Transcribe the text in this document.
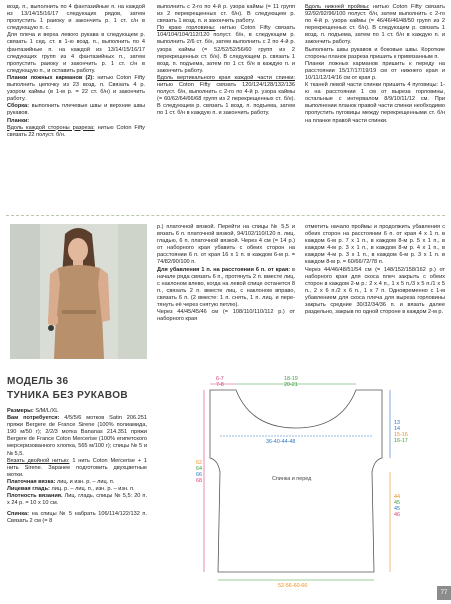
возд. п., выполнить по 4 фантазийные п. на каждой из 13/14/15/16/17 следующих рядов, затем пропустить 1 раиоку и закончить р. 1 ст. с/н в следующую п. с.

Для плеча и верха левого рукава в следующем р. связать 1 сед. ст. в 1-ю возд. п., выполнить по 4 фантазийные п. на каждой из 13/14/15/16/17 следующих групп из 4 фантазийных п., затем пропустить раиоку и закончить р. 1 ст. с/н в следующую п., и оставить работу.

Планки ложных карманов (2): нитью Coton Fifty выполнить цепочку из 23 возд. п. Связать 4 р. узором каймы (в 1-м р. = 22 ст. б/н) и закончить работу.

Сборка: выполнить плечевые швы и верхние швы рукавов.

Планки:

Вдоль каждой стороны разреза: нитью Coton Fifty связать 22 полуст. б/н.

выполнить с 2-го по 4-й р. узора каймы (= 11 групп из 2 перекрещенных ст. б/н). В следующем р. связать 1 возд. п. и закончить работу.

По краю горловины: нитью Coton Fifty связать 104/104/104/112/120 полуст. б/н, в следующем р. выполнить 2/6 ст. б/н, затем выполнить с 2 по 4-й р. узора каймы (= 52/52/52/56/60 групп из 2 перекрещенных ст. б/н). В следующем р. связать 1 возд. п. подъема, затем по 1 ст. б/н в каждую п. и закончить работу.

Вдоль вертикального края каждой части спинки: нитью Coton Fifty связать 120/124/128/132/136 полуст. б/н, выполнить с 2-го по 4-й р. узора каймы (= 60/62/64/66/68 групп из 2 перекрещенных ст. б/н). В следующем р. связать 1 возд. п. подъема, затем по 1 ст. б/н в каждую п. и закончить работу.

Вдоль нижней проймы: нитью Coton Fifty связать 92/92/92/96/100 полуст. б/н, затем выполнить с 2-го по 4-й р. узора каймы (= 46/46/46/48/50 групп из 2 перекрещенных ст. б/н). В следующем р. связать 1 возд. п. подъема, затем по 1 ст. б/н в каждую п. и закончить работу.

Выполнить швы рукавов и боковые швы. Короткие стороны планок разреза пришить к привязанным п.

Планки ложных карманов пришить к переду на расстоянии 15/17/17/19/19 см от нижнего края и 10/11/12/14/16 см от края р.

К тканей левой части спинки пришить 4 пуговицы: 1-ю на расстоянии 1 см от выреза горловины, остальные с интервалом 8/9/10/11/12 см. При выполнении планок правой части спинки необходимо пропустить пуговицы между перекрещенными ст. б/н на планке правой части спинки.

р.) платочной вязкой. Перейти на спицы № 5,5 и вязать 6 п. платочной вязкой, 94/102/110/120 п. лиц. гладью, 6 п. платочной вязкой. Через 4 см (= 14 р.) от наборного края убавить с обеих сторон на расстоянии 6 п. от края 16 х 1 п. в каждом 6-м р. = 74/82/90/100 п.

Для убавления 1 п. на расстоянии 6 п. от края: в начале ряда связать 6 п., протянуть 2 п. вместе лиц. с наклоном влево, когда на левой спице останется 8 п., связать 2 п. вместе лиц. с наклоном вправо, связать 6 п. (2 вместе: 1 п. снять, 1 п. лиц. и пере-тянуть её через снятую петлю).

Через 44/45/45/46 см (= 108/110/110/112 р.) от наборного края

отметить начало проймы и продолжить убавления с обеих сторон на расстоянии 6 п. от края 4 х 1 п. в каждом 6-м р. 7 х 1 п., в каждом 8-м р. 5 х 1 п., в каждом 4-м р. 3 х 1 п., в каждом 8-м р. 4 х 1 п., в каждом 4-м р. 3 х 1 п., в каждом 6-м р. 3 х 1 п. в каждом 8-м р. = 60/66/72/78 п.

Через 44/46/48/51/54 см (= 148/152/158/162 р.) от наборного края для скоса плеч закрыть с обеих сторон в каждом 2-м р.: 2 х 4 п., 1 х 5 п./3 х 5 п./1 х 5 п., 2 х 6 п./2 х 6 п., 1 х 7 п. Одновременно с 1-м убавлением для скоса плеча для выреза горловины закрыть средние 30/32/34/36 п. и вязать далее раздельно, закрыв по одной стороне в каждом 2-м р.

МОДЕЛЬ 36
ТУНИКА БЕЗ РУКАВОВ

Размеры: S/M/L/XL

Вам потребуется: 4/5/5/6 мотков Satin 206.251 пряжи Bergere de France Sirene (100% полиамида, 190 м/50 г); 2/2/3 мотка Bananas 214.351 пряжи Bergere de France Coton Mercerise (100% египетского мерсеризованного хлопка, 565 м/100 г); спицы № 5 и № 5,5.

Вязать двойной нитью: 1 нить Coton Mercerise + 1 нить Sirene. Заранее подготовить двухцветные мотки.

Платочная вязка: лиц. и изн. р. – лиц. п.

Лицевая гладь: лиц. р. – лиц. п., изн. р. – изн. п.

Плотность вязания. Лиц. гладь, спицы № 5,5: 20 п. х 24 р. = 10 х 10 см.

Спинка: на спицы № 5 набрать 106/114/122/132 п. Связать 2 см (= 8

6-7
7-8
18-19
20-21
13
14
15-16
16-17
36-40-44-48
Спинка и перед
62
64
66
68
44
45
45
46
52-56-60-66
77
